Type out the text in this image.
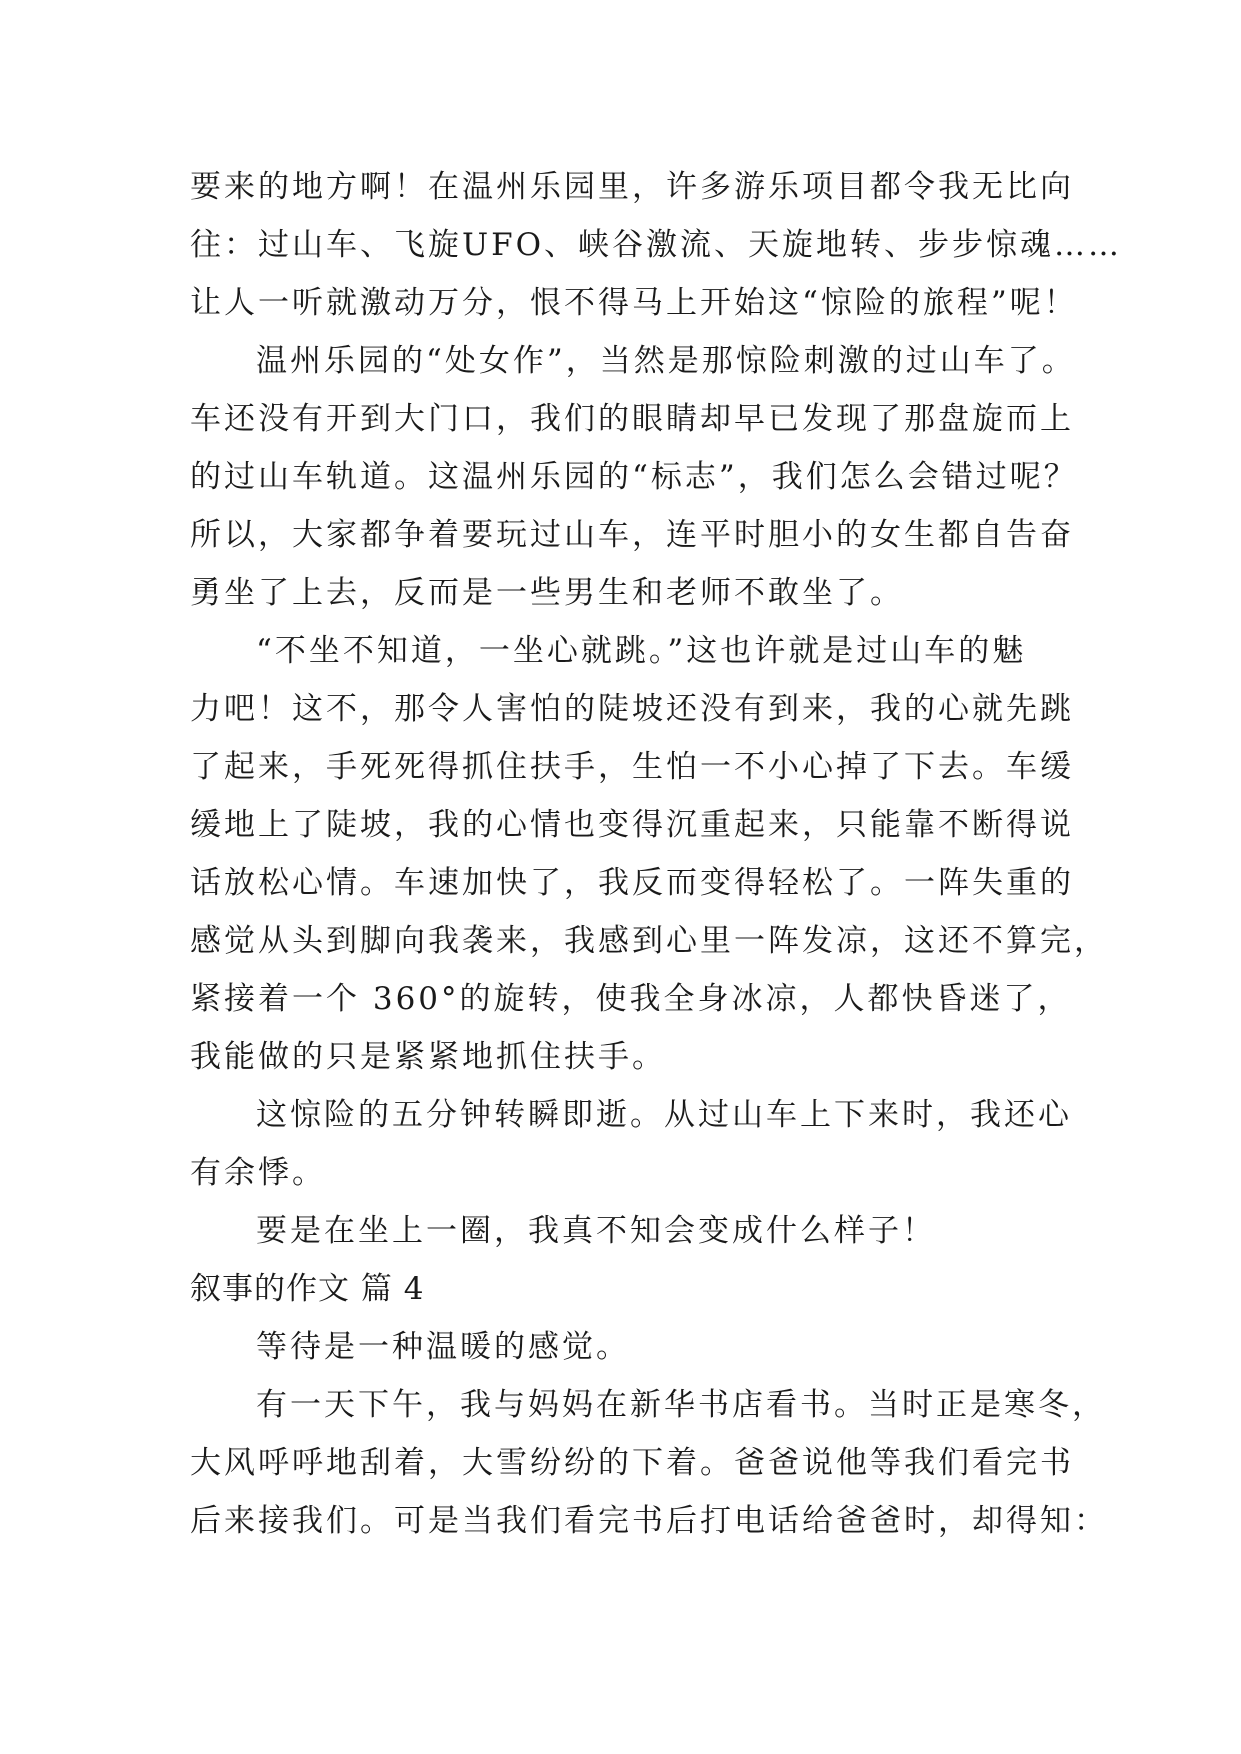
要来的地方啊！在温州乐园里，许多游乐项目都令我无比向

往：过山车、飞旋UFO、峡谷激流、天旋地转、步步惊魂……

让人一听就激动万分，恨不得马上开始这“惊险的旅程”呢！

温州乐园的“处女作”，当然是那惊险刺激的过山车了。

车还没有开到大门口，我们的眼睛却早已发现了那盘旋而上

的过山车轨道。这温州乐园的“标志”，我们怎么会错过呢？

所以，大家都争着要玩过山车，连平时胆小的女生都自告奋

勇坐了上去，反而是一些男生和老师不敢坐了。

“不坐不知道，一坐心就跳。”这也许就是过山车的魅

力吧！这不，那令人害怕的陡坡还没有到来，我的心就先跳

了起来，手死死得抓住扶手，生怕一不小心掉了下去。车缓

缓地上了陡坡，我的心情也变得沉重起来，只能靠不断得说

话放松心情。车速加快了，我反而变得轻松了。一阵失重的

感觉从头到脚向我袭来，我感到心里一阵发凉，这还不算完，

紧接着一个 360°的旋转，使我全身冰凉，人都快昏迷了，

我能做的只是紧紧地抓住扶手。

这惊险的五分钟转瞬即逝。从过山车上下来时，我还心

有余悸。

要是在坐上一圈，我真不知会变成什么样子！

叙事的作文 篇 4

等待是一种温暖的感觉。

有一天下午，我与妈妈在新华书店看书。当时正是寒冬，

大风呼呼地刮着，大雪纷纷的下着。爸爸说他等我们看完书

后来接我们。可是当我们看完书后打电话给爸爸时，却得知：
